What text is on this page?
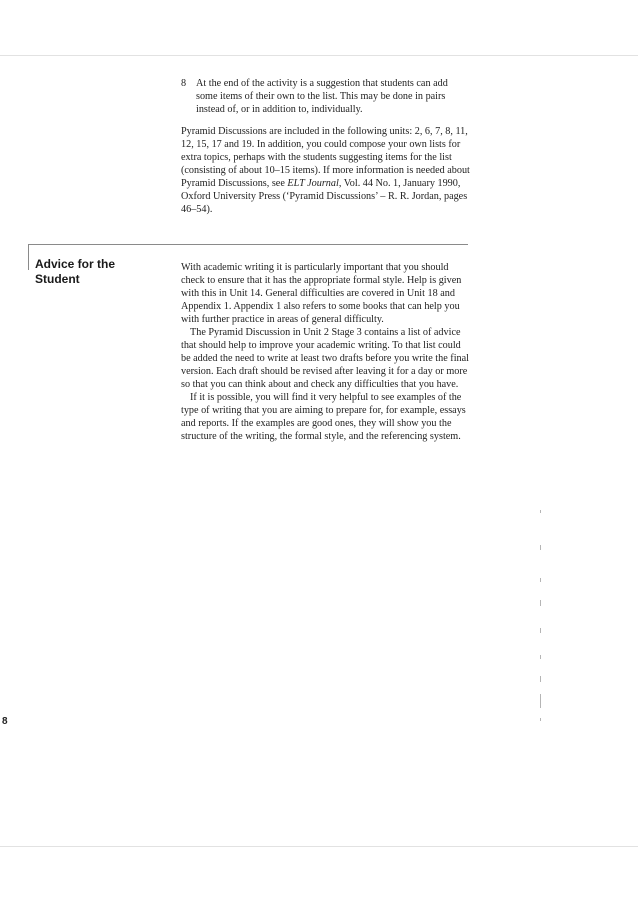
8 At the end of the activity is a suggestion that students can add some items of their own to the list. This may be done in pairs instead of, or in addition to, individually.

Pyramid Discussions are included in the following units: 2, 6, 7, 8, 11, 12, 15, 17 and 19. In addition, you could compose your own lists for extra topics, perhaps with the students suggesting items for the list (consisting of about 10–15 items). If more information is needed about Pyramid Discussions, see ELT Journal, Vol. 44 No. 1, January 1990, Oxford University Press (‘Pyramid Discussions’ – R. R. Jordan, pages 46–54).

Advice for the Student

With academic writing it is particularly important that you should check to ensure that it has the appropriate formal style. Help is given with this in Unit 14. General difficulties are covered in Unit 18 and Appendix 1. Appendix 1 also refers to some books that can help you with further practice in areas of general difficulty.

The Pyramid Discussion in Unit 2 Stage 3 contains a list of advice that should help to improve your academic writing. To that list could be added the need to write at least two drafts before you write the final version. Each draft should be revised after leaving it for a day or more so that you can think about and check any difficulties that you have.

If it is possible, you will find it very helpful to see examples of the type of writing that you are aiming to prepare for, for example, essays and reports. If the examples are good ones, they will show you the structure of the writing, the formal style, and the referencing system.

8
